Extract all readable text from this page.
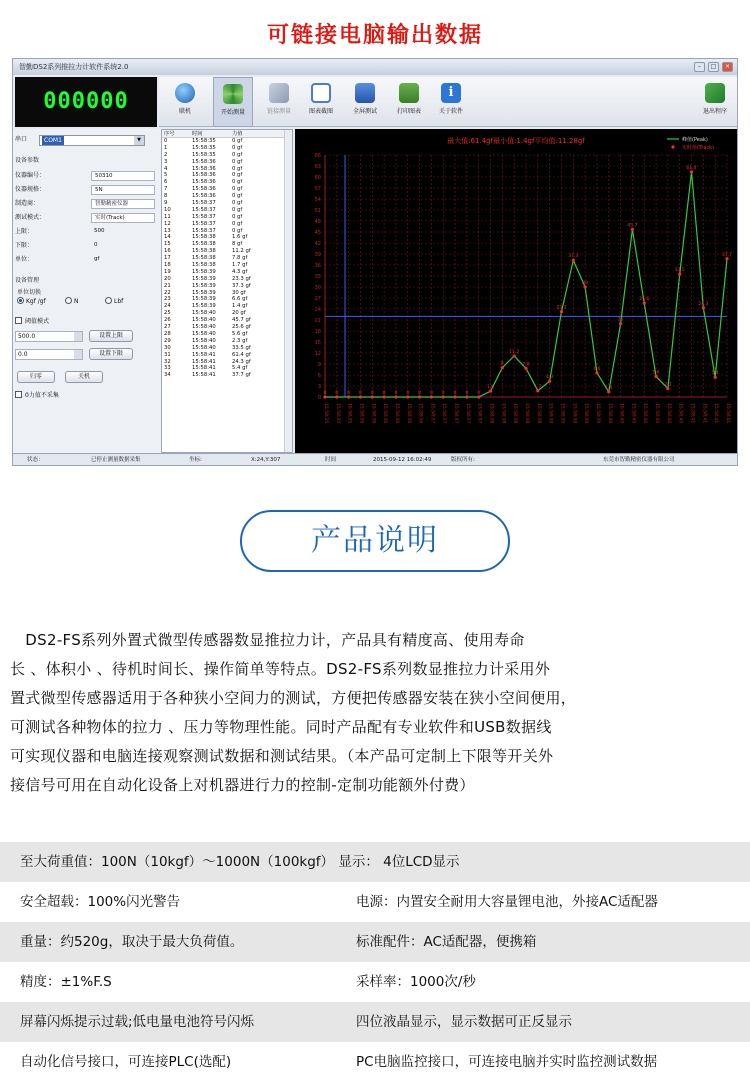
可链接电脑输出数据
智勤DS2系列推拉力计软件系统2.0	–	□	×
000000	联机	开始测量	链接测量	图表截图	全屏测试	打印图表
i
关于软件	退出程序
串口	COM1	▼
设备参数
仪器编号：	50310
仪器规格：	5N
制造商：	智勤精密仪器
测试模式：	实时(Track)
上限：	500
下限：	0
单位：	gf
设备管理
单位切换
Kgf /gf	N	Lbf
阈值模式
500.0	设置上限
0.0	设置下限
归零	关机
0力值不采集
序号	时间	力值
0	15:58:35	0 gf
1	15:58:35	0 gf
2	15:58:35	0 gf
3	15:58:36	0 gf
4	15:58:36	0 gf
5	15:58:36	0 gf
6	15:58:36	0 gf
7	15:58:36	0 gf
8	15:58:36	0 gf
9	15:58:37	0 gf
10	15:58:37	0 gf
11	15:58:37	0 gf
12	15:58:37	0 gf
13	15:58:37	0 gf
14	15:58:38	1.6 gf
15	15:58:38	8 gf
16	15:58:38	11.2 gf
17	15:58:38	7.8 gf
18	15:58:38	1.7 gf
19	15:58:39	4.3 gf
20	15:58:39	23.3 gf
21	15:58:39	37.3 gf
22	15:58:39	30 gf
23	15:58:39	6.6 gf
24	15:58:39	1.4 gf
25	15:58:40	20 gf
26	15:58:40	45.7 gf
27	15:58:40	25.6 gf
28	15:58:40	5.6 gf
29	15:58:40	2.3 gf
30	15:58:40	33.5 gf
31	15:58:41	61.4 gf
32	15:58:41	24.3 gf
33	15:58:41	5.4 gf
34	15:58:41	37.7 gf
0
3
6
9
12
15
18
21
24
27
30
33
36
39
42
45
48
51
54
57
60
63
66
15:58:35 15:58:35 15:58:35 15:58:36 15:58:36 15:58:36 15:58:36 15:58:36 15:58:36 15:58:37 15:58:37 15:58:37 15:58:37 15:58:37 15:58:38 15:58:38 15:58:38 15:58:38 15:58:38 15:58:39 15:58:39 15:58:39 15:58:39 15:58:39 15:58:39 15:58:40 15:58:40 15:58:40 15:58:40 15:58:40 15:58:40 15:58:41 15:58:41 15:58:41 15:58:41
0 0 0 0 0 0 0 0 0 0 0 0 0 0
1.6
8
11.2
7.8
1.7
4.3
23.3
37.3
30
6.6
1.4
20
45.7
25.6
5.6
2.3
33.5
61.4
24.3
5.4
37.7
最大值:61.4gf最小值:1.4gf平均值:11.28gf	峰值(Peak)
实时值(Track)
状态：	已停止测量数据采集	坐标:	X:24,Y:307	时间	2015-09-12 16:02:49	版权所有:	东莞市智勤精密仪器有限公司
产品说明

　DS2-FS系列外置式微型传感器数显推拉力计，产品具有精度高、使用寿命

长 、体积小 、待机时间长、操作简单等特点。DS2-FS系列数显推拉力计采用外

置式微型传感器适用于各种狭小空间力的测试，方便把传感器安装在狭小空间便用，

可测试各种物体的拉力 、压力等物理性能。同时产品配有专业软件和USB数据线

可实现仪器和电脑连接观察测试数据和测试结果。（本产品可定制上下限等开关外

接信号可用在自动化设备上对机器进行力的控制-定制功能额外付费）

至大荷重值：100N（10kgf）～1000N（100kgf） 显示： 4位LCD显示
安全超载：100%闪光警告	电源：内置安全耐用大容量锂电池，外接AC适配器
重量：约520g，取决于最大负荷值。	标准配件：AC适配器，便携箱
精度：±1%F.S	采样率：1000次/秒
屏幕闪烁提示过载;低电量电池符号闪烁	四位液晶显示，显示数据可正反显示
自动化信号接口，可连接PLC(选配)	PC电脑监控接口，可连接电脑并实时监控测试数据
